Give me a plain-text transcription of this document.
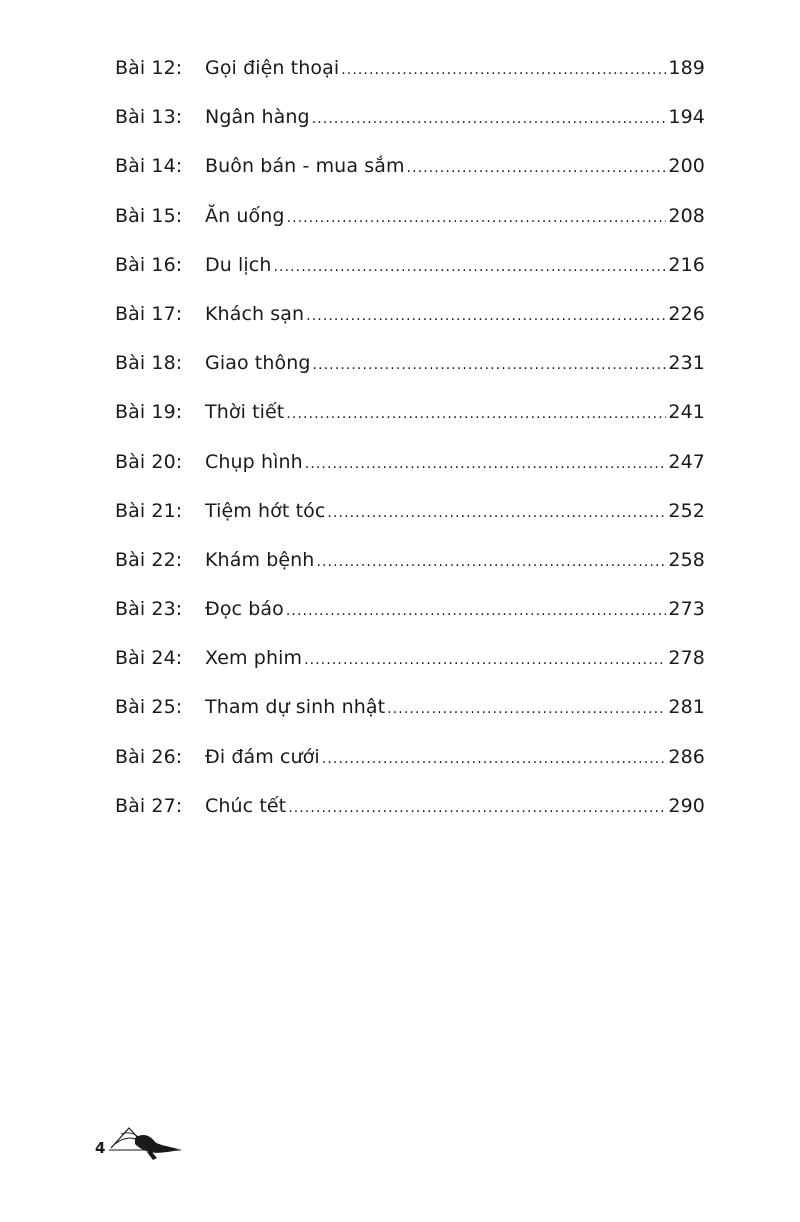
Bài 12:	Gọi điện thoại .....	189
Bài 13:	Ngân hàng .....	194
Bài 14:	Buôn bán - mua sắm .....	200
Bài 15:	Ăn uống .....	208
Bài 16:	Du lịch .....	216
Bài 17:	Khách sạn .....	226
Bài 18:	Giao thông .....	231
Bài 19:	Thời tiết .....	241
Bài 20:	Chụp hình .....	247
Bài 21:	Tiệm hớt tóc .....	252
Bài 22:	Khám bệnh .....	258
Bài 23:	Đọc báo .....	273
Bài 24:	Xem phim .....	278
Bài 25:	Tham dự sinh nhật .....	281
Bài 26:	Đi đám cưới .....	286
Bài 27:	Chúc tết .....	290
4
